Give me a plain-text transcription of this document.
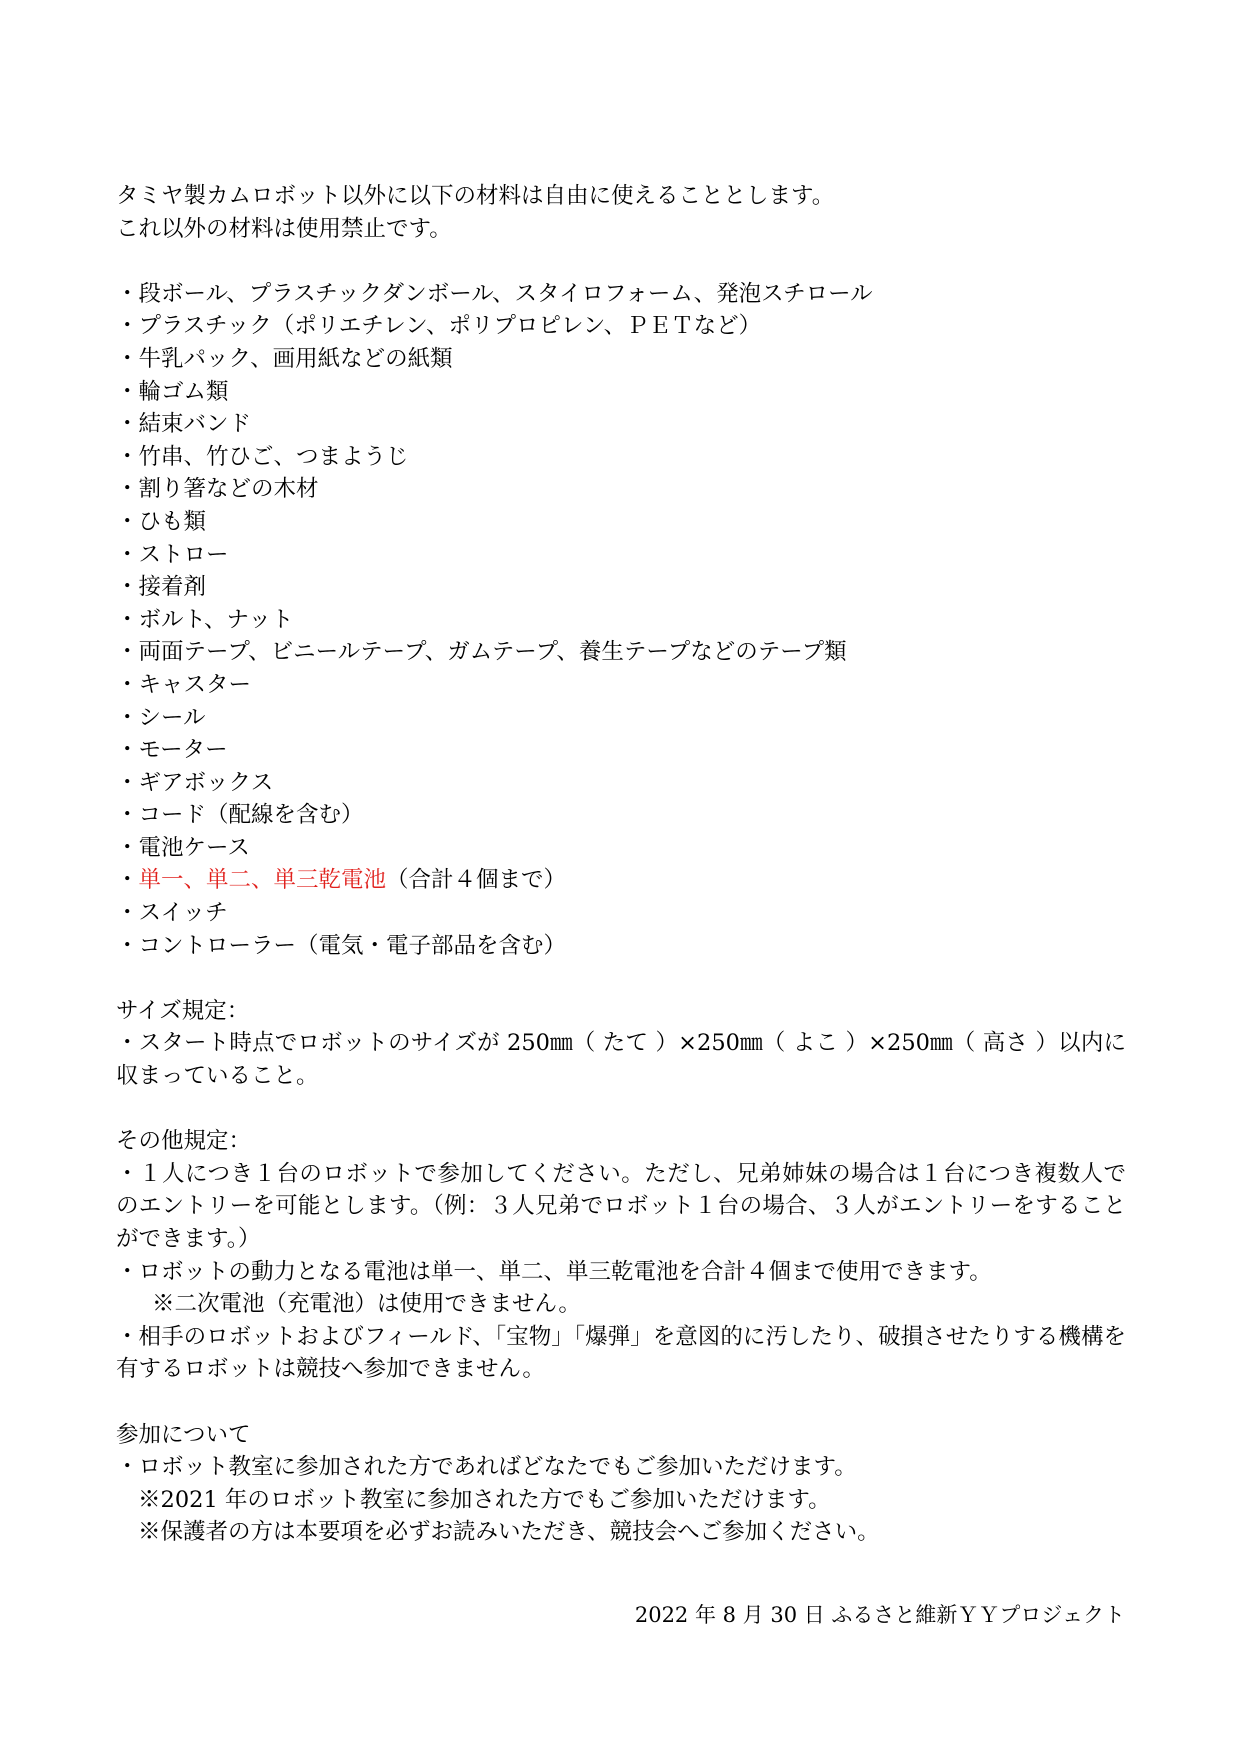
タミヤ製カムロボット以外に以下の材料は自由に使えることとします。
これ以外の材料は使用禁止です。
・段ボール、プラスチックダンボール、スタイロフォーム、発泡スチロール
・プラスチック（ポリエチレン、ポリプロピレン、ＰＥＴなど）
・牛乳パック、画用紙などの紙類
・輪ゴム類
・結束バンド
・竹串、竹ひご、つまようじ
・割り箸などの木材
・ひも類
・ストロー
・接着剤
・ボルト、ナット
・両面テープ、ビニールテープ、ガムテープ、養生テープなどのテープ類
・キャスター
・シール
・モーター
・ギアボックス
・コード（配線を含む）
・電池ケース
・単一、単二、単三乾電池（合計４個まで）
・スイッチ
・コントローラー（電気・電子部品を含む）
サイズ規定：
・スタート時点でロボットのサイズが 250㎜（ たて ）×250㎜（ よこ ）×250㎜（ 高さ ）以内に収まっていること。
その他規定：
・１人につき１台のロボットで参加してください。ただし、兄弟姉妹の場合は１台につき複数人でのエントリーを可能とします。（例：３人兄弟でロボット１台の場合、３人がエントリーをすることができます。）
・ロボットの動力となる電池は単一、単二、単三乾電池を合計４個まで使用できます。
※二次電池（充電池）は使用できません。
・相手のロボットおよびフィールド、「宝物」「爆弾」を意図的に汚したり、破損させたりする機構を有するロボットは競技へ参加できません。
参加について
・ロボット教室に参加された方であればどなたでもご参加いただけます。
※2021 年のロボット教室に参加された方でもご参加いただけます。
※保護者の方は本要項を必ずお読みいただき、競技会へご参加ください。
2022 年 8 月 30 日 ふるさと維新ＹＹプロジェクト
